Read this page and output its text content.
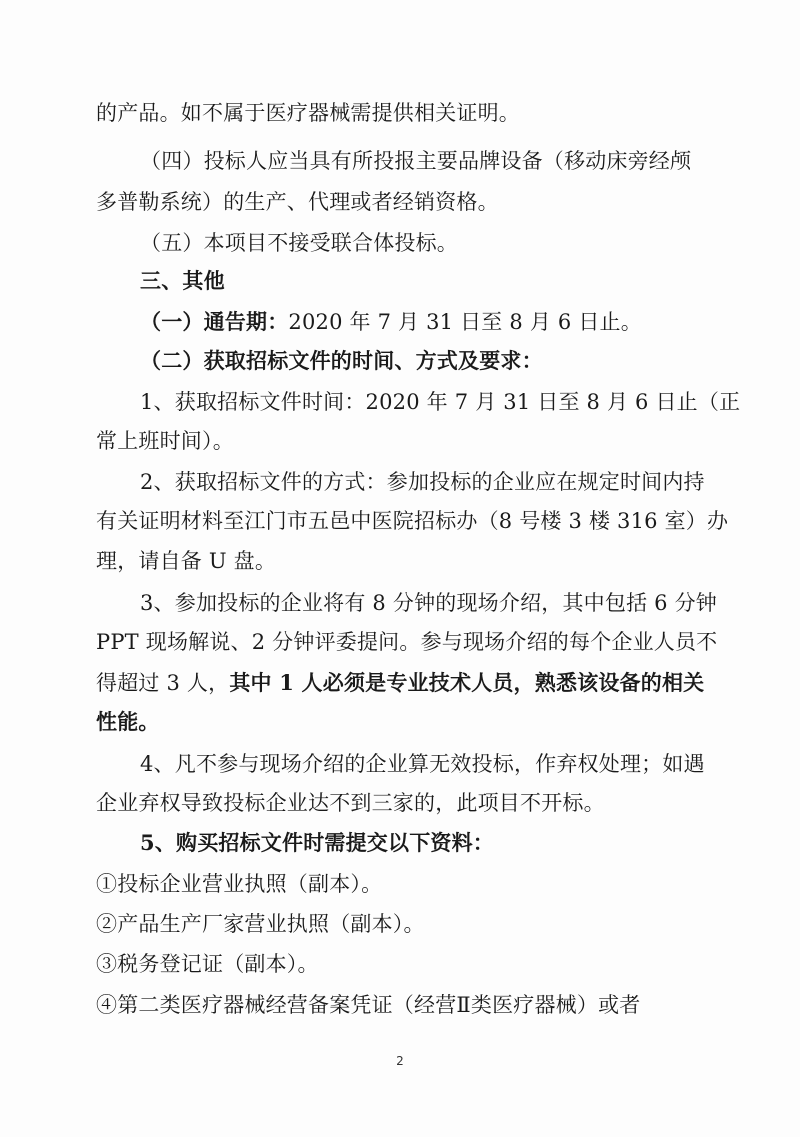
的产品。如不属于医疗器械需提供相关证明。
（四）投标人应当具有所投报主要品牌设备（移动床旁经颅
多普勒系统）的生产、代理或者经销资格。
（五）本项目不接受联合体投标。
三、其他
（一）通告期：2020 年 7 月 31 日至 8 月 6 日止。
（二）获取招标文件的时间、方式及要求：
1、获取招标文件时间：2020 年 7 月 31 日至 8 月 6 日止（正
常上班时间）。
2、获取招标文件的方式：参加投标的企业应在规定时间内持
有关证明材料至江门市五邑中医院招标办（8 号楼 3 楼 316 室）办
理，请自备 U 盘。
3、参加投标的企业将有 8 分钟的现场介绍，其中包括 6 分钟
PPT 现场解说、2 分钟评委提问。参与现场介绍的每个企业人员不
得超过 3 人，其中 1 人必须是专业技术人员，熟悉该设备的相关
性能。
4、凡不参与现场介绍的企业算无效投标，作弃权处理；如遇
企业弃权导致投标企业达不到三家的，此项目不开标。
5、购买招标文件时需提交以下资料：
①投标企业营业执照（副本）。
②产品生产厂家营业执照（副本）。
③税务登记证（副本）。
④第二类医疗器械经营备案凭证（经营Ⅱ类医疗器械）或者
2
